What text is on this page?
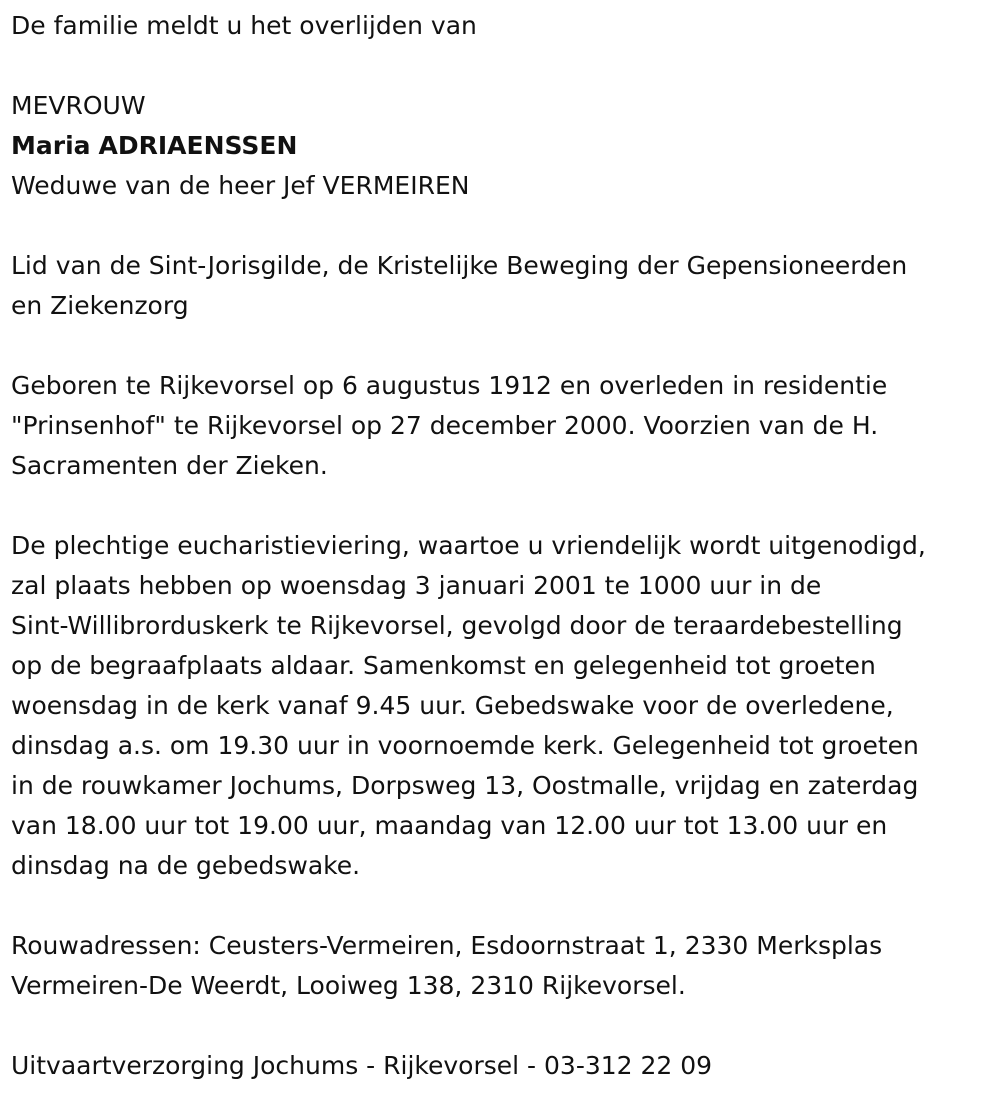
De familie meldt u het overlijden van

MEVROUW

Maria ADRIAENSSEN

Weduwe van de heer Jef VERMEIREN

Lid van de Sint-Jorisgilde, de Kristelijke Beweging der Gepensioneerden

en Ziekenzorg

Geboren te Rijkevorsel op 6 augustus 1912 en overleden in residentie

"Prinsenhof" te Rijkevorsel op 27 december 2000. Voorzien van de H.

Sacramenten der Zieken.

De plechtige eucharistieviering, waartoe u vriendelijk wordt uitgenodigd,

zal plaats hebben op woensdag 3 januari 2001 te 1000 uur in de

Sint-Willibrorduskerk te Rijkevorsel, gevolgd door de teraardebestelling

op de begraafplaats aldaar. Samenkomst en gelegenheid tot groeten

woensdag in de kerk vanaf 9.45 uur. Gebedswake voor de overledene,

dinsdag a.s. om 19.30 uur in voornoemde kerk. Gelegenheid tot groeten

in de rouwkamer Jochums, Dorpsweg 13, Oostmalle, vrijdag en zaterdag

van 18.00 uur tot 19.00 uur, maandag van 12.00 uur tot 13.00 uur en

dinsdag na de gebedswake.

Rouwadressen: Ceusters-Vermeiren, Esdoornstraat 1, 2330 Merksplas

Vermeiren-De Weerdt, Looiweg 138, 2310 Rijkevorsel.

Uitvaartverzorging Jochums - Rijkevorsel - 03-312 22 09
